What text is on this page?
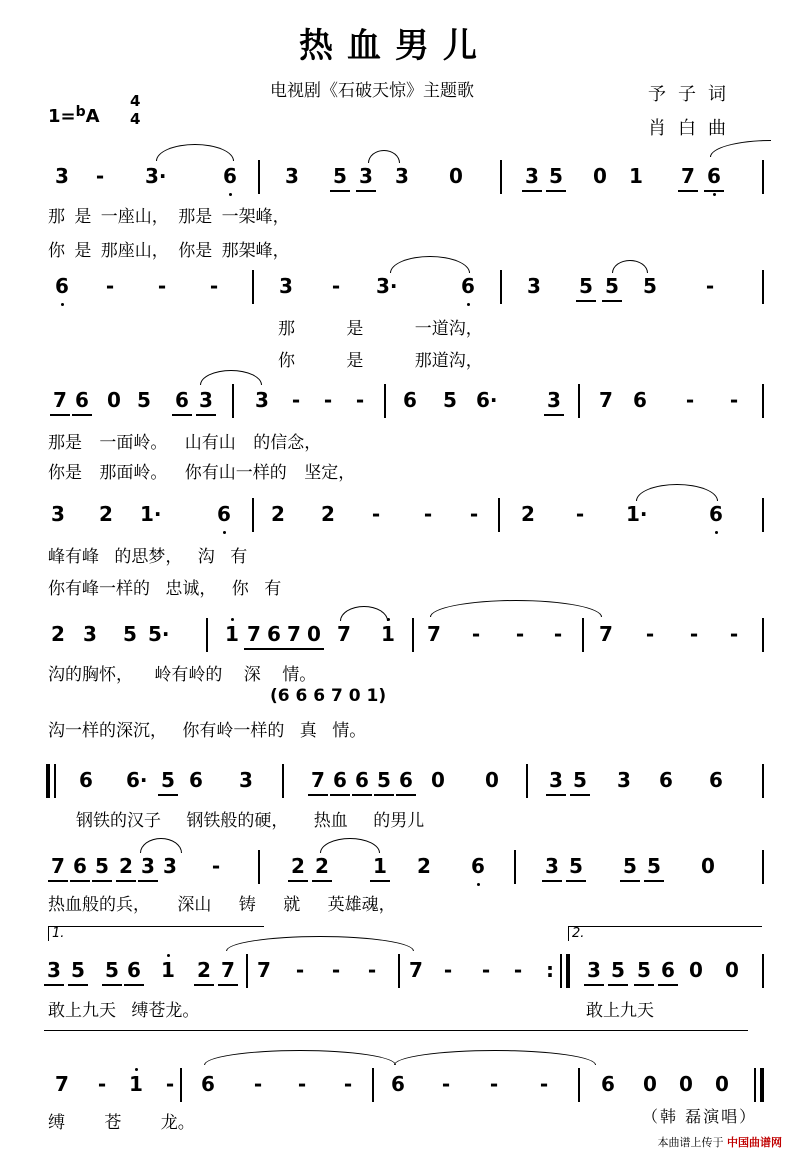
热血男儿
电视剧《石破天惊》主题歌	予子词
肖白曲
1=$^b$A
4
4
3 - 3·	6 3 5 3 3 0	3 5 0 1 7 6
那 是 一座山， 那是 一架峰，
你 是 那座山， 你是 那架峰，
6 - - -	3 - 3·	6	3 5 5 5 -
那 是 一道沟，
你 是 那道沟，
7 6 0 5 6 3 3 - - - 6 5 6· 3 7 6 - -
那是 一面岭。 山有山 的信念，
你是 那面岭。 你有山一样的 坚定，
3 2 1·	6 2 2 - - - 2 - 1·	6
峰有峰 的思梦， 沟 有
你有峰一样的 忠诚， 你 有
2 3 5 5·	1 7 6 7 0 7 1 7 - - - 7 - - -
沟的胸怀， 岭有岭的 深 情。
(6 6 6 7 0 1)
沟一样的深沉， 你有岭一样的 真 情。
6 6· 5 6 3	7 6 6 5 6 0 0	3 5 3 6 6
钢铁的汉子 钢铁般的硬， 热血 的男儿
7 6 5 2 3 3 -	2 2 1 2 6	3 5 5 5 0
热血般的兵， 深山 铸 就 英雄魂，
1.	2.
3 5 5 6 1 2 7 7 - - - 7 - - -	:	3 5 5 6 0 0
敢上九天 缚苍龙。	敢上九天
7 - 1 - 6 - - - 6 - - -	6 0 0 0
缚 苍 龙。	（韩 磊演唱）
本曲谱上传于 中国曲谱网
